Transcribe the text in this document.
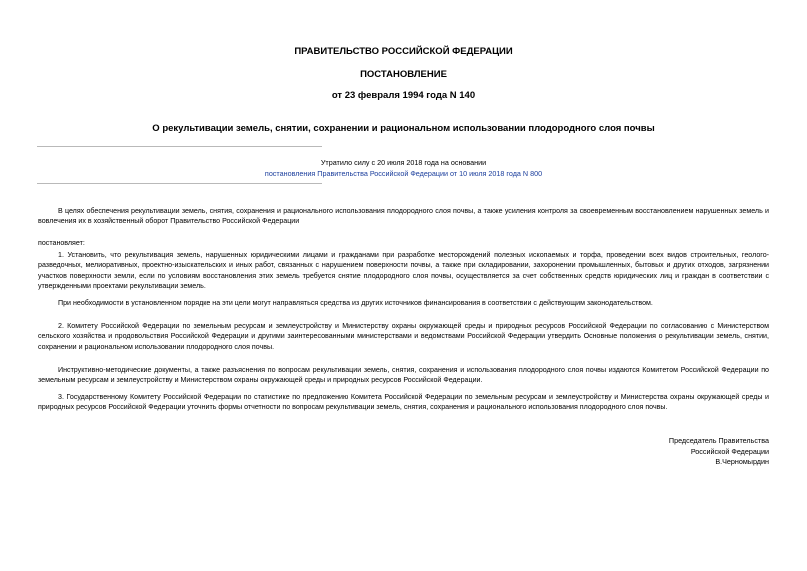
ПРАВИТЕЛЬСТВО РОССИЙСКОЙ ФЕДЕРАЦИИ
ПОСТАНОВЛЕНИЕ
от 23 февраля 1994 года N 140
О рекультивации земель, снятии, сохранении и рациональном использовании плодородного слоя почвы
Утратило силу с 20 июля 2018 года на основании
постановления Правительства Российской Федерации от 10 июля 2018 года N 800

В целях обеспечения рекультивации земель, снятия, сохранения и рационального использования плодородного слоя почвы, а также усиления контроля за своевременным восстановлением нарушенных земель и вовлечения их в хозяйственный оборот Правительство Российской Федерации

постановляет:

1. Установить, что рекультивация земель, нарушенных юридическими лицами и гражданами при разработке месторождений полезных ископаемых и торфа, проведении всех видов строительных, геолого-разведочных, мелиоративных, проектно-изыскательских и иных работ, связанных с нарушением поверхности почвы, а также при складировании, захоронении промышленных, бытовых и других отходов, загрязнении участков поверхности земли, если по условиям восстановления этих земель требуется снятие плодородного слоя почвы, осуществляется за счет собственных средств юридических лиц и граждан в соответствии с утвержденными проектами рекультивации земель.

При необходимости в установленном порядке на эти цели могут направляться средства из других источников финансирования в соответствии с действующим законодательством.

2. Комитету Российской Федерации по земельным ресурсам и землеустройству и Министерству охраны окружающей среды и природных ресурсов Российской Федерации по согласованию с Министерством сельского хозяйства и продовольствия Российской Федерации и другими заинтересованными министерствами и ведомствами Российской Федерации утвердить Основные положения о рекультивации земель, снятии, сохранении и рациональном использовании плодородного слоя почвы.

Инструктивно-методические документы, а также разъяснения по вопросам рекультивации земель, снятия, сохранения и использования плодородного слоя почвы издаются Комитетом Российской Федерации по земельным ресурсам и землеустройству и Министерством охраны окружающей среды и природных ресурсов Российской Федерации.

3. Государственному Комитету Российской Федерации по статистике по предложению Комитета Российской Федерации по земельным ресурсам и землеустройству и Министерства охраны окружающей среды и природных ресурсов Российской Федерации уточнить формы отчетности по вопросам рекультивации земель, снятия, сохранения и рационального использования плодородного слоя почвы.

Председатель Правительства
Российской Федерации
В.Черномырдин
